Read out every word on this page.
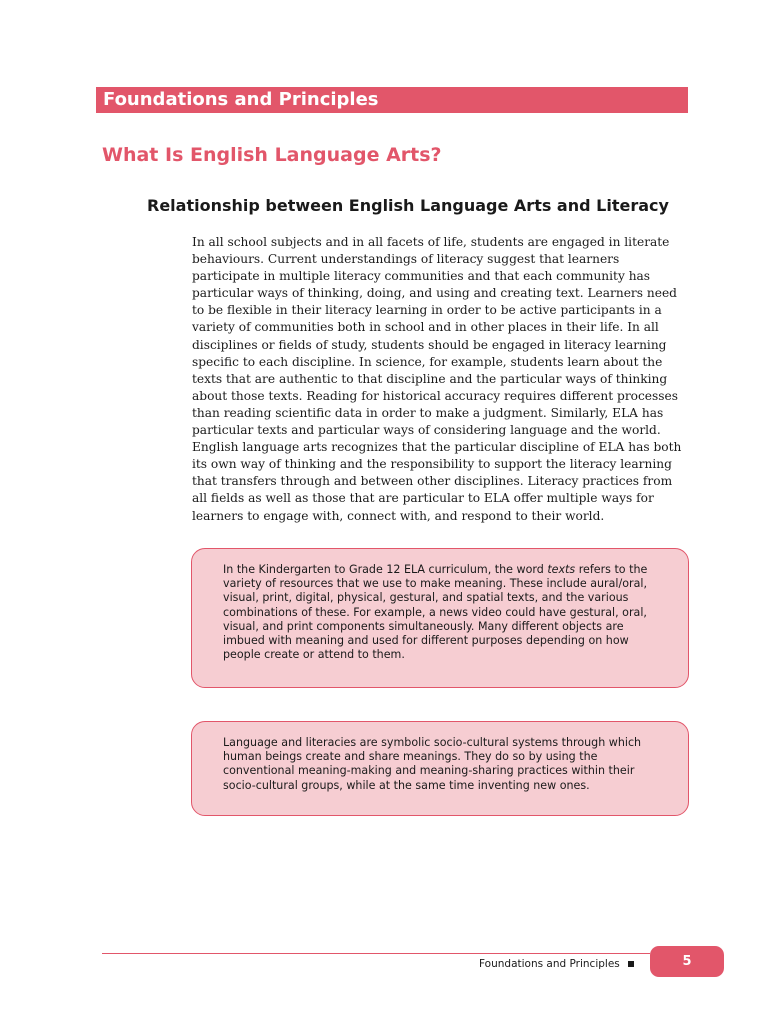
Foundations and Principles
What Is English Language Arts?
Relationship between English Language Arts and Literacy

In all school subjects and in all facets of life, students are engaged in literate behaviours. Current understandings of literacy suggest that learners participate in multiple literacy communities and that each community has particular ways of thinking, doing, and using and creating text. Learners need to be flexible in their literacy learning in order to be active participants in a variety of communities both in school and in other places in their life. In all disciplines or fields of study, students should be engaged in literacy learning specific to each discipline. In science, for example, students learn about the texts that are authentic to that discipline and the particular ways of thinking about those texts. Reading for historical accuracy requires different processes than reading scientific data in order to make a judgment. Similarly, ELA has particular texts and particular ways of considering language and the world. English language arts recognizes that the particular discipline of ELA has both its own way of thinking and the responsibility to support the literacy learning that transfers through and between other disciplines. Literacy practices from all fields as well as those that are particular to ELA offer multiple ways for learners to engage with, connect with, and respond to their world.

In the Kindergarten to Grade 12 ELA curriculum, the word texts refers to the variety of resources that we use to make meaning. These include aural/oral, visual, print, digital, physical, gestural, and spatial texts, and the various combinations of these. For example, a news video could have gestural, oral, visual, and print components simultaneously. Many different objects are imbued with meaning and used for different purposes depending on how people create or attend to them.
Language and literacies are symbolic socio-cultural systems through which human beings create and share meanings. They do so by using the conventional meaning-making and meaning-sharing practices within their socio-cultural groups, while at the same time inventing new ones.
Foundations and Principles	5
